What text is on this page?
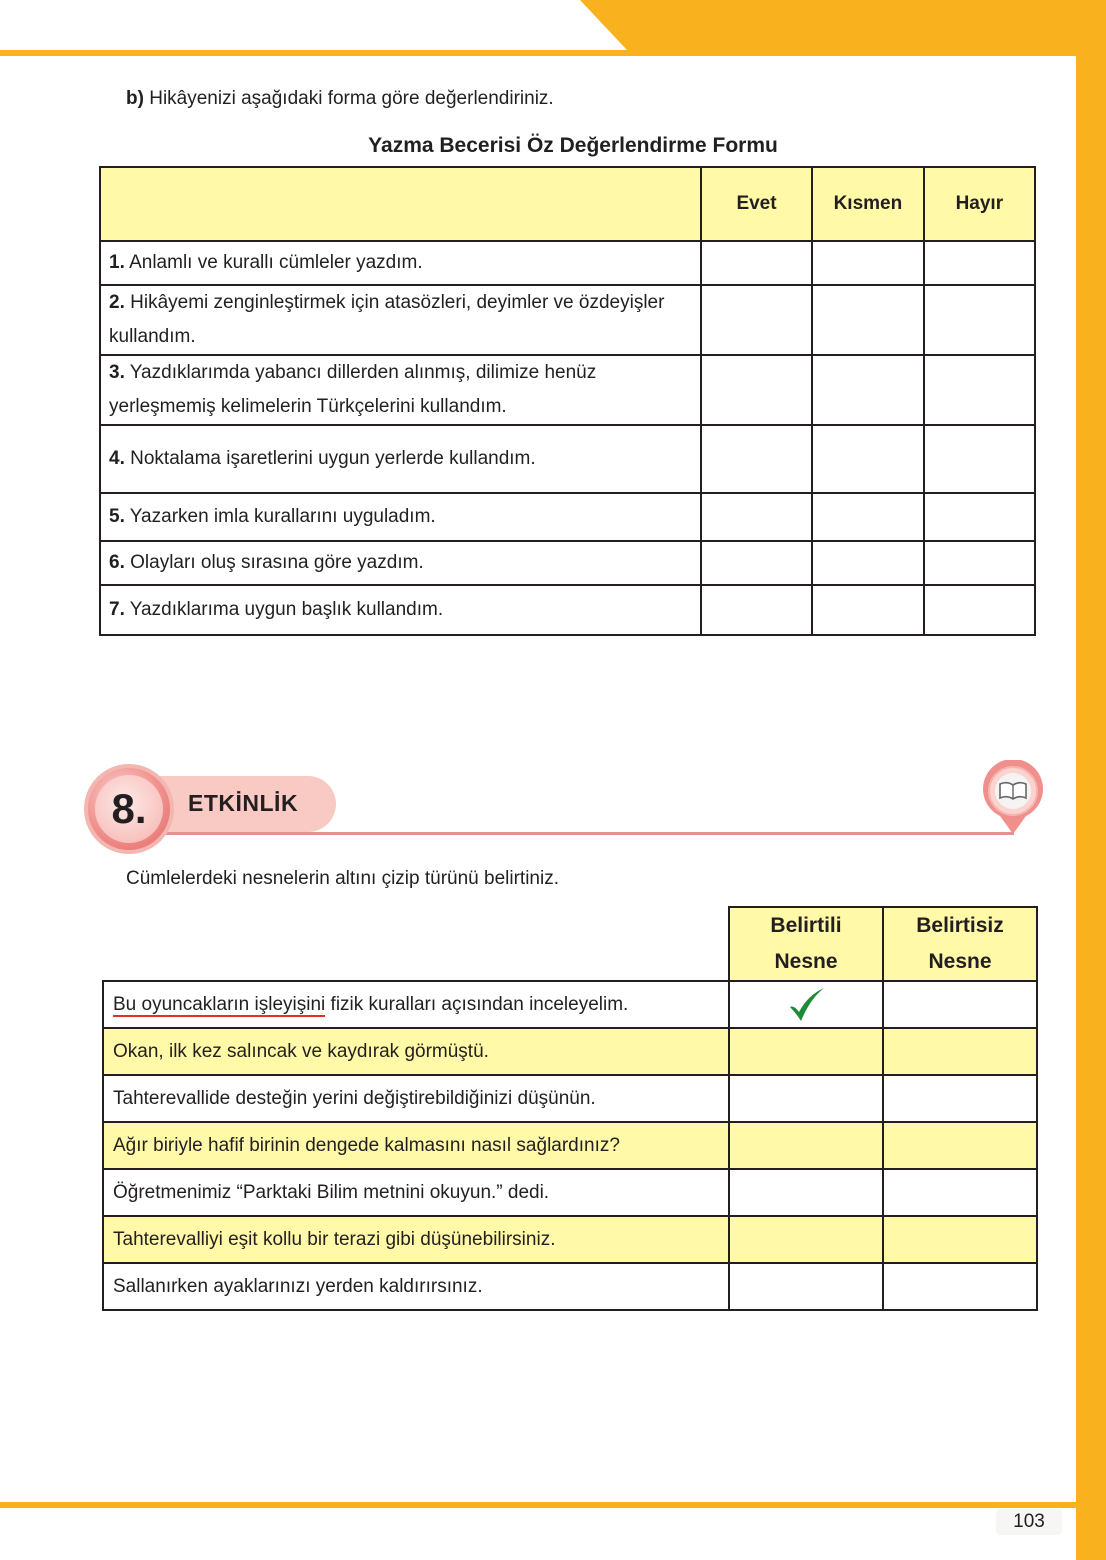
103
b) Hikâyenizi aşağıdaki forma göre değerlendiriniz.
Yazma Becerisi Öz Değerlendirme Formu
	Evet	Kısmen	Hayır
1. Anlamlı ve kurallı cümleler yazdım.			
2. Hikâyemi zenginleştirmek için atasözleri, deyimler ve özdeyişler kullandım.			
3. Yazdıklarımda yabancı dillerden alınmış, dilimize henüz yerleşmemiş kelimelerin Türkçelerini kullandım.			
4. Noktalama işaretlerini uygun yerlerde kullandım.			
5. Yazarken imla kurallarını uyguladım.			
6. Olayları oluş sırasına göre yazdım.			
7. Yazdıklarıma uygun başlık kullandım.			
8.	ETKİNLİK
Cümlelerdeki nesnelerin altını çizip türünü belirtiniz.
	Belirtili Nesne	Belirtisiz Nesne
Bu oyuncakların işleyişini fizik kuralları açısından inceleyelim.		
Okan, ilk kez salıncak ve kaydırak görmüştü.		
Tahterevallide desteğin yerini değiştirebildiğinizi düşünün.		
Ağır biriyle hafif birinin dengede kalmasını nasıl sağlardınız?		
Öğretmenimiz “Parktaki Bilim metnini okuyun.” dedi.		
Tahterevalliyi eşit kollu bir terazi gibi düşünebilirsiniz.		
Sallanırken ayaklarınızı yerden kaldırırsınız.		
